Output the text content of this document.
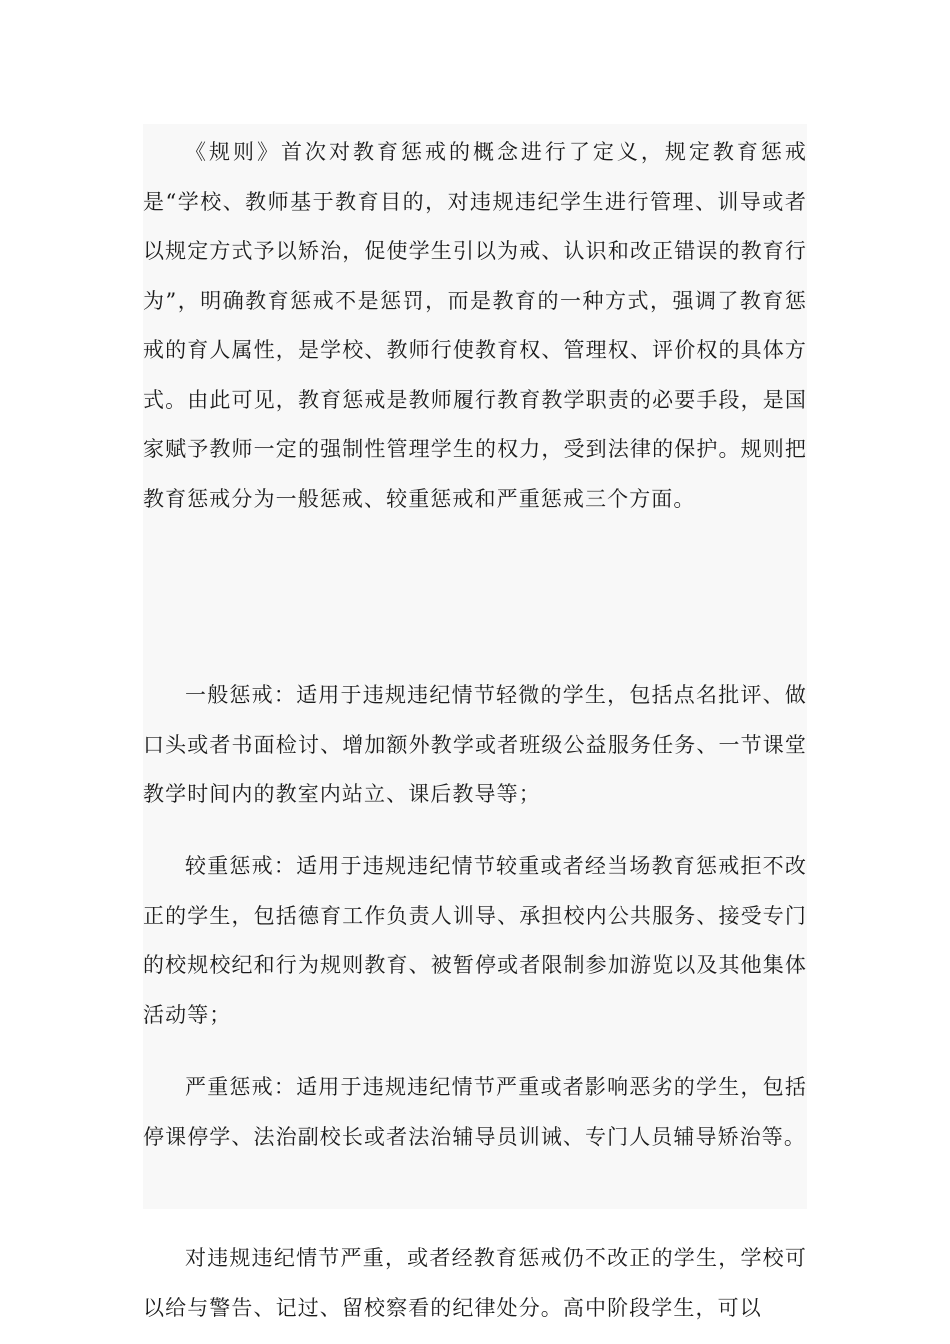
《规则》首次对教育惩戒的概念进行了定义，规定教育惩戒是“学校、教师基于教育目的，对违规违纪学生进行管理、训导或者以规定方式予以矫治，促使学生引以为戒、认识和改正错误的教育行为”，明确教育惩戒不是惩罚，而是教育的一种方式，强调了教育惩戒的育人属性，是学校、教师行使教育权、管理权、评价权的具体方式。由此可见，教育惩戒是教师履行教育教学职责的必要手段，是国家赋予教师一定的强制性管理学生的权力，受到法律的保护。规则把教育惩戒分为一般惩戒、较重惩戒和严重惩戒三个方面。

一般惩戒：适用于违规违纪情节轻微的学生，包括点名批评、做口头或者书面检讨、增加额外教学或者班级公益服务任务、一节课堂教学时间内的教室内站立、课后教导等；

较重惩戒：适用于违规违纪情节较重或者经当场教育惩戒拒不改正的学生，包括德育工作负责人训导、承担校内公共服务、接受专门的校规校纪和行为规则教育、被暂停或者限制参加游览以及其他集体活动等；

严重惩戒：适用于违规违纪情节严重或者影响恶劣的学生，包括停课停学、法治副校长或者法治辅导员训诫、专门人员辅导矫治等。

对违规违纪情节严重，或者经教育惩戒仍不改正的学生，学校可以给与警告、记过、留校察看的纪律处分。高中阶段学生，可以
